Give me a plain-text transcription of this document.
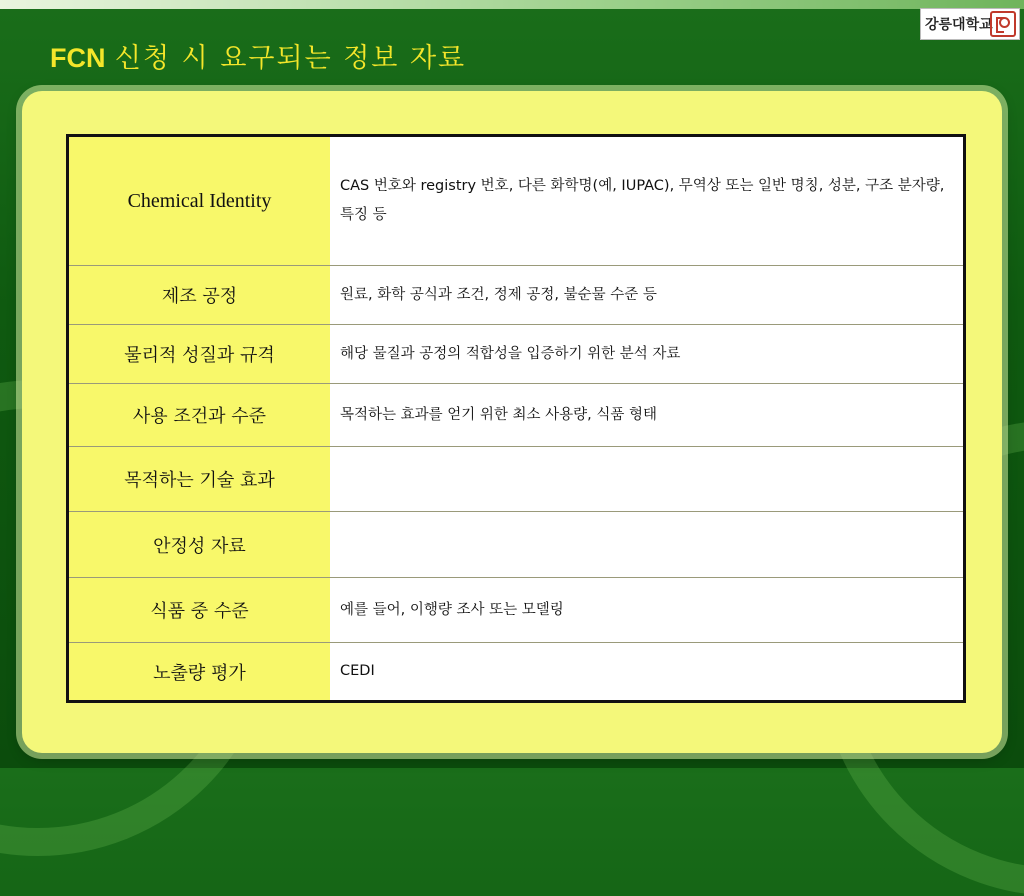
FCN 신청 시 요구되는 정보 자료
강릉대학교
Chemical Identity	CAS 번호와 registry 번호, 다른 화학명(예, IUPAC), 무역상 또는 일반 명칭, 성분, 구조 분자량, 특징 등
제조 공정	원료, 화학 공식과 조건, 정제 공정, 불순물 수준 등
물리적 성질과 규격	해당 물질과 공정의 적합성을 입증하기 위한 분석 자료
사용 조건과 수준	목적하는 효과를 얻기 위한 최소 사용량, 식품 형태
목적하는 기술 효과	
안정성 자료	
식품 중 수준	예를 들어, 이행량 조사 또는 모델링
노출량 평가	CEDI
